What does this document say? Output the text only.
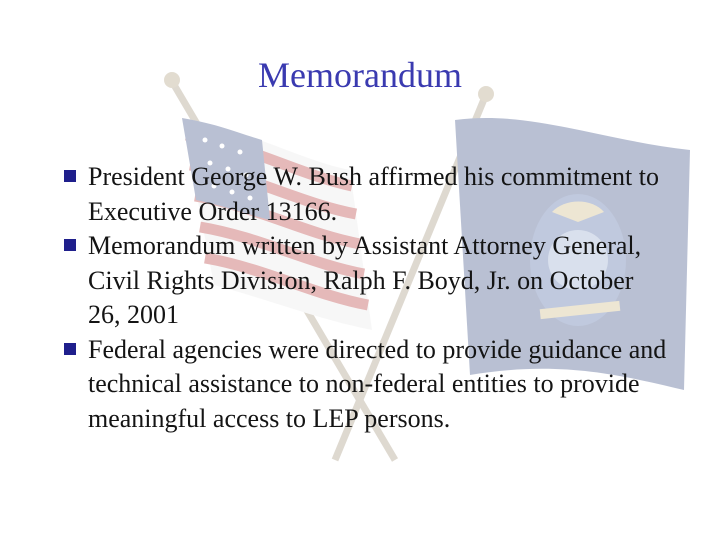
Memorandum
President George W. Bush affirmed his commitment to Executive Order 13166.
Memorandum written by Assistant Attorney General, Civil Rights Division, Ralph F. Boyd, Jr. on October 26, 2001
Federal agencies were directed to provide guidance and technical assistance to non-federal entities to provide meaningful access to LEP persons.
